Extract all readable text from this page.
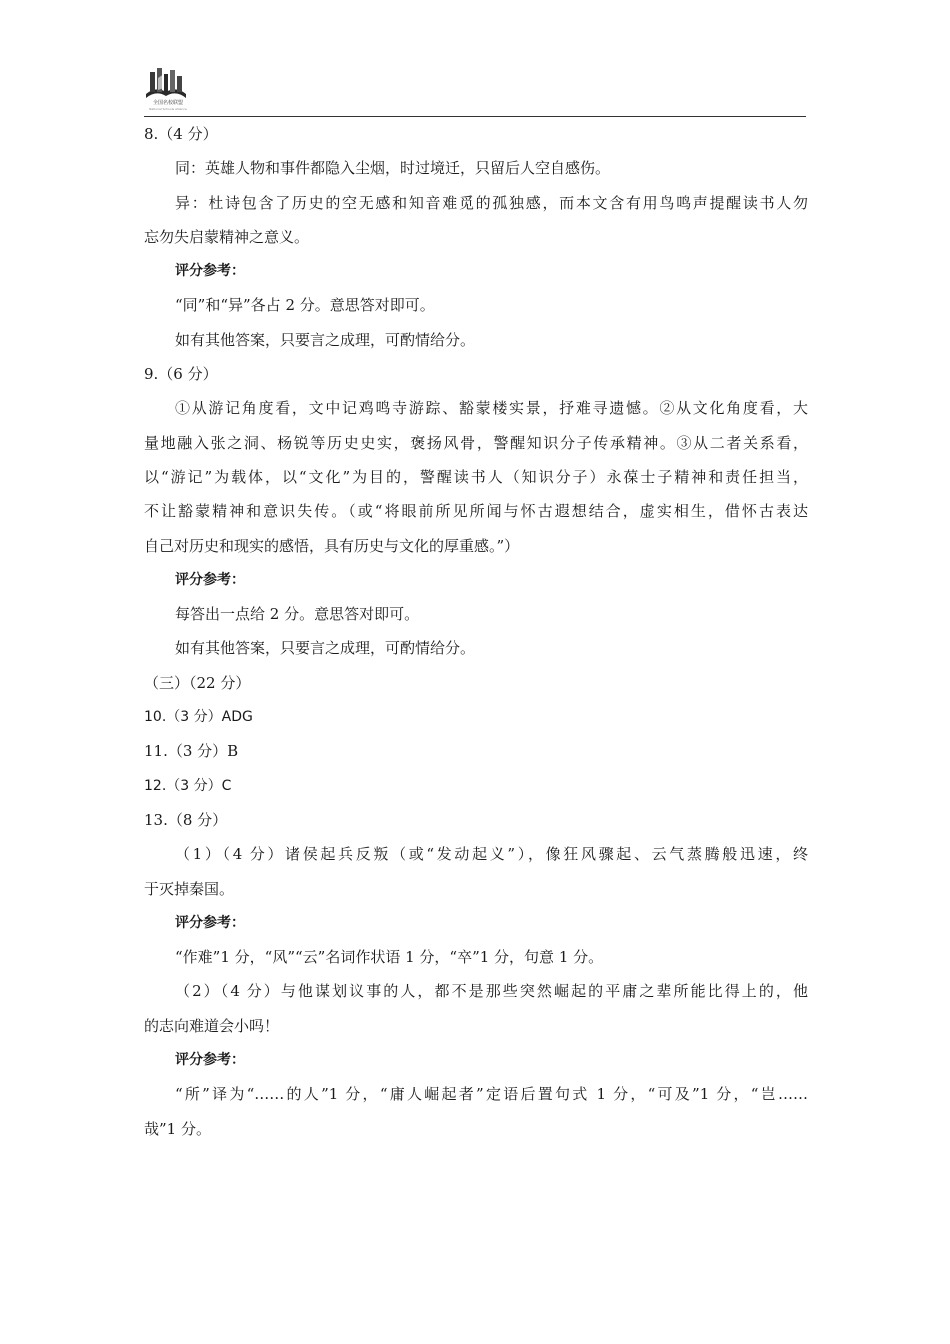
全国名校联盟
National Schools Alliance
8.（4 分）
同：英雄人物和事件都隐入尘烟，时过境迁，只留后人空自感伤。
异：杜诗包含了历史的空无感和知音难觅的孤独感，而本文含有用鸟鸣声提醒读书人勿
忘勿失启蒙精神之意义。
评分参考：
“同”和“异”各占 2 分。意思答对即可。
如有其他答案，只要言之成理，可酌情给分。
9.（6 分）
①从游记角度看，文中记鸡鸣寺游踪、豁蒙楼实景，抒难寻遗憾。②从文化角度看，大
量地融入张之洞、杨锐等历史史实，褒扬风骨，警醒知识分子传承精神。③从二者关系看，
以“游记”为载体，以“文化”为目的，警醒读书人（知识分子）永葆士子精神和责任担当，
不让豁蒙精神和意识失传。（或“将眼前所见所闻与怀古遐想结合，虚实相生，借怀古表达
自己对历史和现实的感悟，具有历史与文化的厚重感。”）
评分参考：
每答出一点给 2 分。意思答对即可。
如有其他答案，只要言之成理，可酌情给分。
（三）（22 分）
10.（3 分）ADG
11.（3 分）B
12.（3 分）C
13.（8 分）
（1）（4 分）诸侯起兵反叛（或“发动起义”），像狂风骤起、云气蒸腾般迅速，终
于灭掉秦国。
评分参考：
“作难”1 分，“风”“云”名词作状语 1 分，“卒”1 分，句意 1 分。
（2）（4 分）与他谋划议事的人，都不是那些突然崛起的平庸之辈所能比得上的，他
的志向难道会小吗！
评分参考：
“所”译为“……的人”1 分，“庸人崛起者”定语后置句式 1 分，“可及”1 分，“岂……
哉”1 分。
